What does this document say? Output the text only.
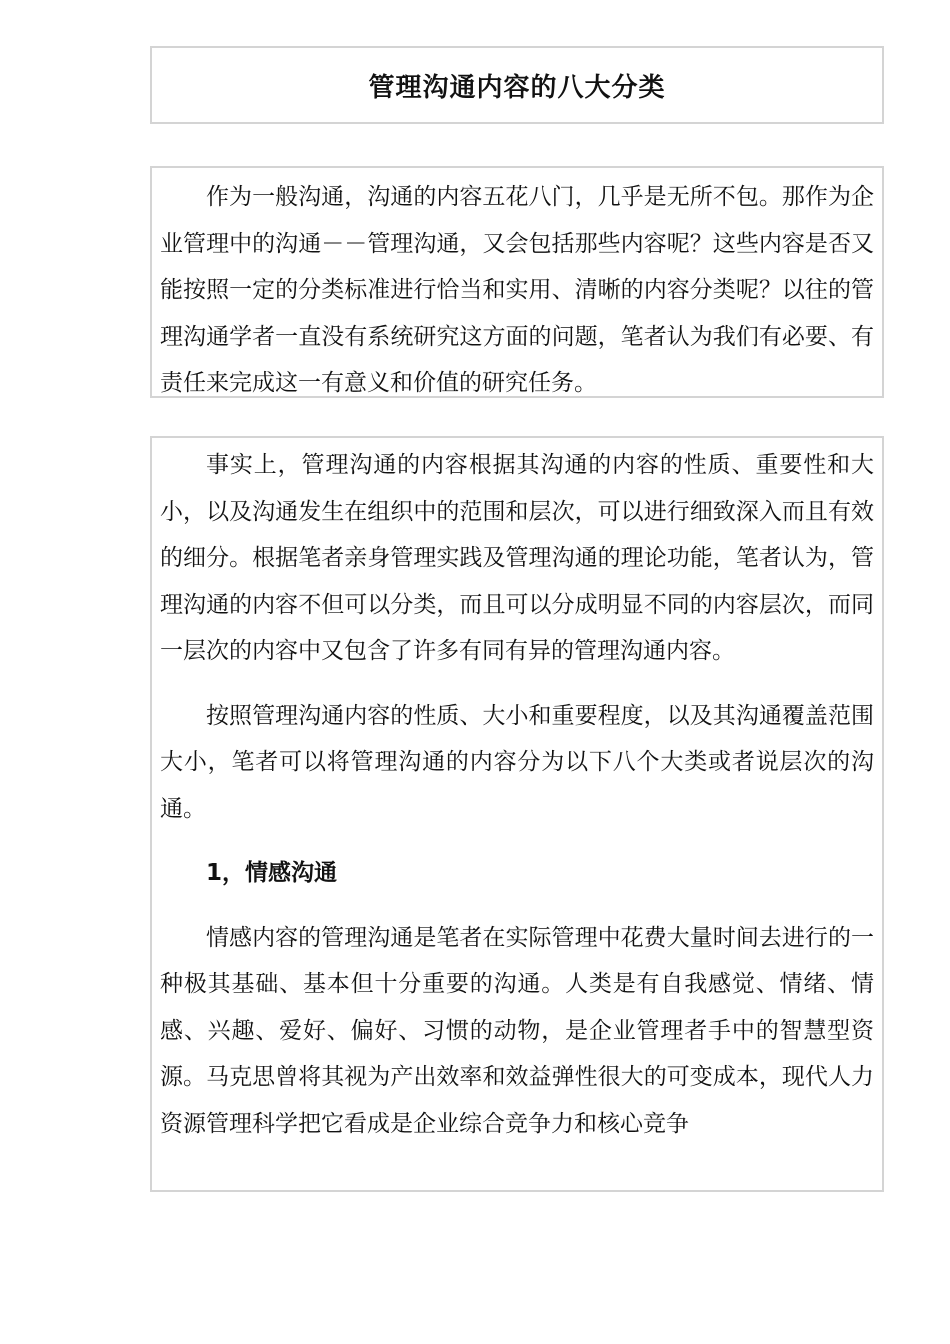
管理沟通内容的八大分类

作为一般沟通，沟通的内容五花八门，几乎是无所不包。那作为企业管理中的沟通－－管理沟通，又会包括那些内容呢？这些内容是否又能按照一定的分类标准进行恰当和实用、清晰的内容分类呢？以往的管理沟通学者一直没有系统研究这方面的问题，笔者认为我们有必要、有责任来完成这一有意义和价值的研究任务。

事实上，管理沟通的内容根据其沟通的内容的性质、重要性和大小，以及沟通发生在组织中的范围和层次，可以进行细致深入而且有效的细分。根据笔者亲身管理实践及管理沟通的理论功能，笔者认为，管理沟通的内容不但可以分类，而且可以分成明显不同的内容层次，而同一层次的内容中又包含了许多有同有异的管理沟通内容。

按照管理沟通内容的性质、大小和重要程度，以及其沟通覆盖范围大小，笔者可以将管理沟通的内容分为以下八个大类或者说层次的沟通。

1，情感沟通

情感内容的管理沟通是笔者在实际管理中花费大量时间去进行的一种极其基础、基本但十分重要的沟通。人类是有自我感觉、情绪、情感、兴趣、爱好、偏好、习惯的动物，是企业管理者手中的智慧型资源。马克思曾将其视为产出效率和效益弹性很大的可变成本，现代人力资源管理科学把它看成是企业综合竞争力和核心竞争
